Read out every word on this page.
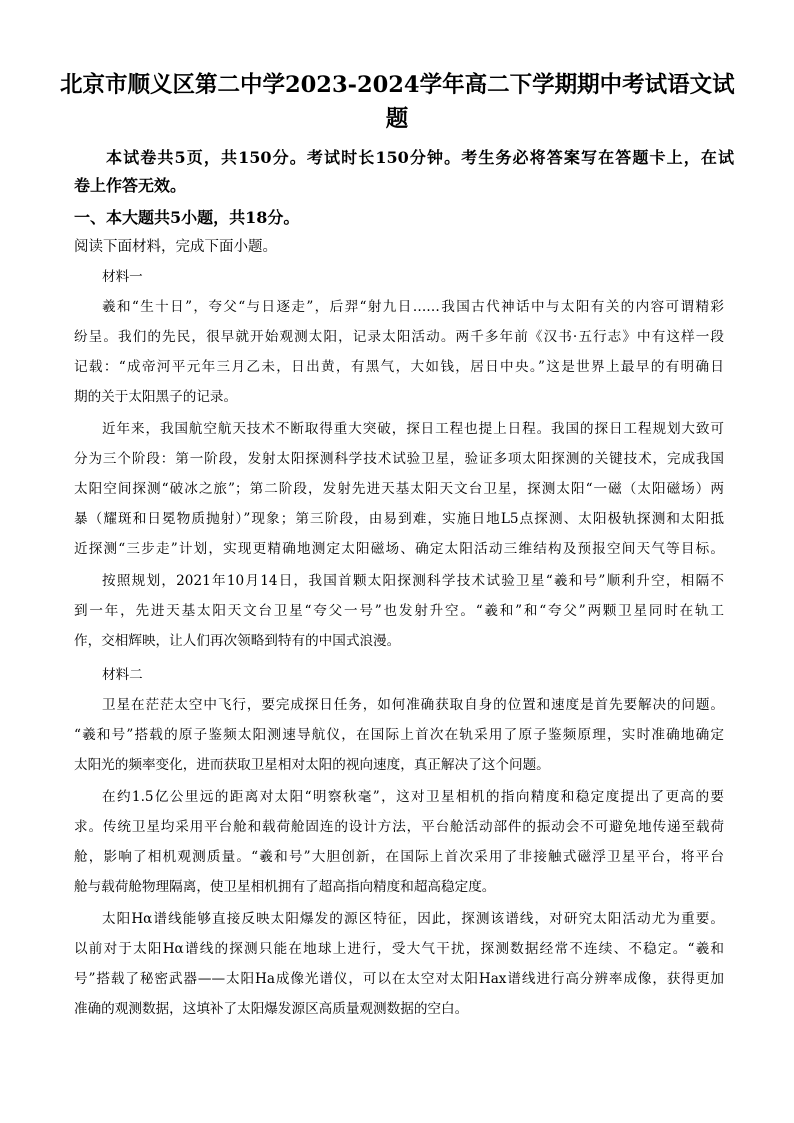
北京市顺义区第二中学2023-2024学年高二下学期期中考试语文试
题
本试卷共5页，共150分。考试时长150分钟。考生务必将答案写在答题卡上，在试
卷上作答无效。
一、本大题共5小题，共18分。
阅读下面材料，完成下面小题。
材料一
羲和“生十日”，夸父“与日逐走”，后羿“射九日……我国古代神话中与太阳有关的内容可谓精彩
纷呈。我们的先民，很早就开始观测太阳，记录太阳活动。两千多年前《汉书·五行志》中有这样一段
记载：“成帝河平元年三月乙未，日出黄，有黑气，大如钱，居日中央。”这是世界上最早的有明确日
期的关于太阳黑子的记录。
近年来，我国航空航天技术不断取得重大突破，探日工程也提上日程。我国的探日工程规划大致可
分为三个阶段：第一阶段，发射太阳探测科学技术试验卫星，验证多项太阳探测的关键技术，完成我国
太阳空间探测“破冰之旅”；第二阶段，发射先进天基太阳天文台卫星，探测太阳“一磁（太阳磁场）两
暴（耀斑和日冕物质抛射）”现象；第三阶段，由易到难，实施日地L5点探测、太阳极轨探测和太阳抵
近探测“三步走”计划，实现更精确地测定太阳磁场、确定太阳活动三维结构及预报空间天气等目标。
按照规划，2021年10月14日，我国首颗太阳探测科学技术试验卫星“羲和号”顺利升空，相隔不
到一年，先进天基太阳天文台卫星“夸父一号”也发射升空。“羲和”和“夸父”两颗卫星同时在轨工
作，交相辉映，让人们再次领略到特有的中国式浪漫。
材料二
卫星在茫茫太空中飞行，要完成探日任务，如何准确获取自身的位置和速度是首先要解决的问题。
“羲和号”搭载的原子鉴频太阳测速导航仪，在国际上首次在轨采用了原子鉴频原理，实时准确地确定
太阳光的频率变化，进而获取卫星相对太阳的视向速度，真正解决了这个问题。
在约1.5亿公里远的距离对太阳“明察秋毫”，这对卫星相机的指向精度和稳定度提出了更高的要
求。传统卫星均采用平台舱和载荷舱固连的设计方法，平台舱活动部件的振动会不可避免地传递至载荷
舱，影响了相机观测质量。“羲和号”大胆创新，在国际上首次采用了非接触式磁浮卫星平台，将平台
舱与载荷舱物理隔离，使卫星相机拥有了超高指向精度和超高稳定度。
太阳Hα谱线能够直接反映太阳爆发的源区特征，因此，探测该谱线，对研究太阳活动尤为重要。
以前对于太阳Hα谱线的探测只能在地球上进行，受大气干扰，探测数据经常不连续、不稳定。“羲和
号”搭载了秘密武器——太阳Ha成像光谱仪，可以在太空对太阳Hax谱线进行高分辨率成像，获得更加
准确的观测数据，这填补了太阳爆发源区高质量观测数据的空白。
